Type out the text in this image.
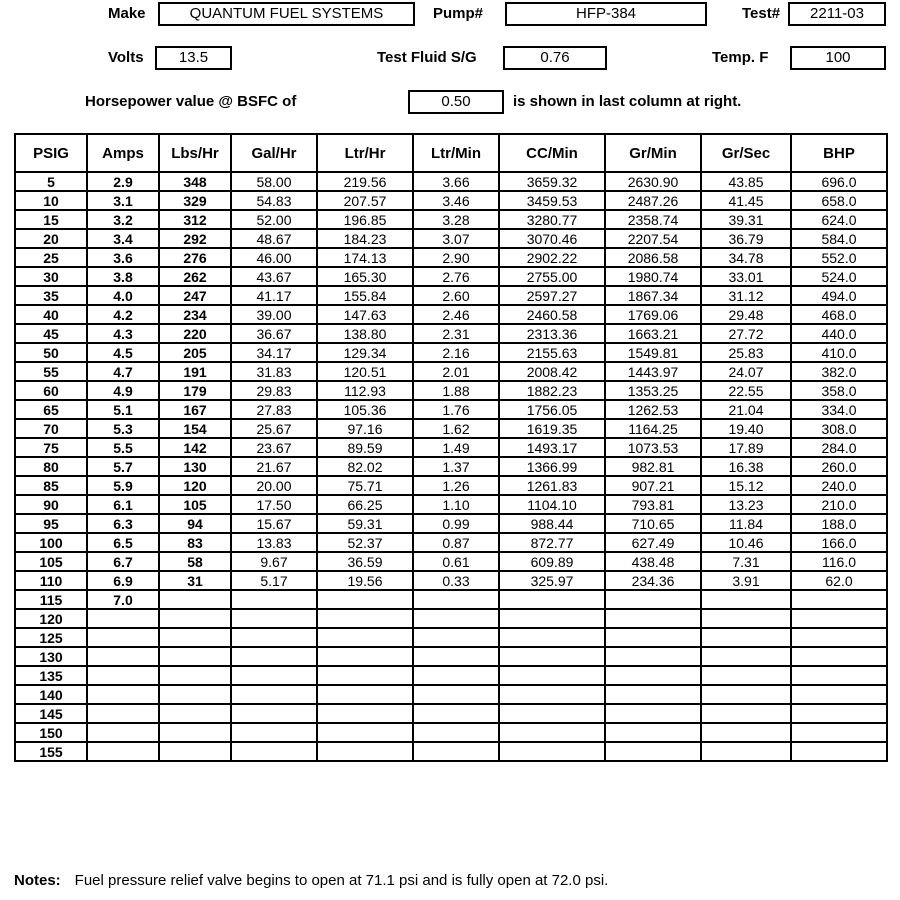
Make	QUANTUM FUEL SYSTEMS	Pump#	HFP-384	Test#	2211-03
Volts	13.5	Test Fluid S/G	0.76	Temp. F	100
Horsepower value @ BSFC of	0.50	is shown in last column at right.
PSIG	Amps	Lbs/Hr	Gal/Hr	Ltr/Hr	Ltr/Min	CC/Min	Gr/Min	Gr/Sec	BHP
5	2.9	348	58.00	219.56	3.66	3659.32	2630.90	43.85	696.0
10	3.1	329	54.83	207.57	3.46	3459.53	2487.26	41.45	658.0
15	3.2	312	52.00	196.85	3.28	3280.77	2358.74	39.31	624.0
20	3.4	292	48.67	184.23	3.07	3070.46	2207.54	36.79	584.0
25	3.6	276	46.00	174.13	2.90	2902.22	2086.58	34.78	552.0
30	3.8	262	43.67	165.30	2.76	2755.00	1980.74	33.01	524.0
35	4.0	247	41.17	155.84	2.60	2597.27	1867.34	31.12	494.0
40	4.2	234	39.00	147.63	2.46	2460.58	1769.06	29.48	468.0
45	4.3	220	36.67	138.80	2.31	2313.36	1663.21	27.72	440.0
50	4.5	205	34.17	129.34	2.16	2155.63	1549.81	25.83	410.0
55	4.7	191	31.83	120.51	2.01	2008.42	1443.97	24.07	382.0
60	4.9	179	29.83	112.93	1.88	1882.23	1353.25	22.55	358.0
65	5.1	167	27.83	105.36	1.76	1756.05	1262.53	21.04	334.0
70	5.3	154	25.67	97.16	1.62	1619.35	1164.25	19.40	308.0
75	5.5	142	23.67	89.59	1.49	1493.17	1073.53	17.89	284.0
80	5.7	130	21.67	82.02	1.37	1366.99	982.81	16.38	260.0
85	5.9	120	20.00	75.71	1.26	1261.83	907.21	15.12	240.0
90	6.1	105	17.50	66.25	1.10	1104.10	793.81	13.23	210.0
95	6.3	94	15.67	59.31	0.99	988.44	710.65	11.84	188.0
100	6.5	83	13.83	52.37	0.87	872.77	627.49	10.46	166.0
105	6.7	58	9.67	36.59	0.61	609.89	438.48	7.31	116.0
110	6.9	31	5.17	19.56	0.33	325.97	234.36	3.91	62.0
115	7.0								
120									
125									
130									
135									
140									
145									
150									
155									
Notes: Fuel pressure relief valve begins to open at 71.1 psi and is fully open at 72.0 psi.
